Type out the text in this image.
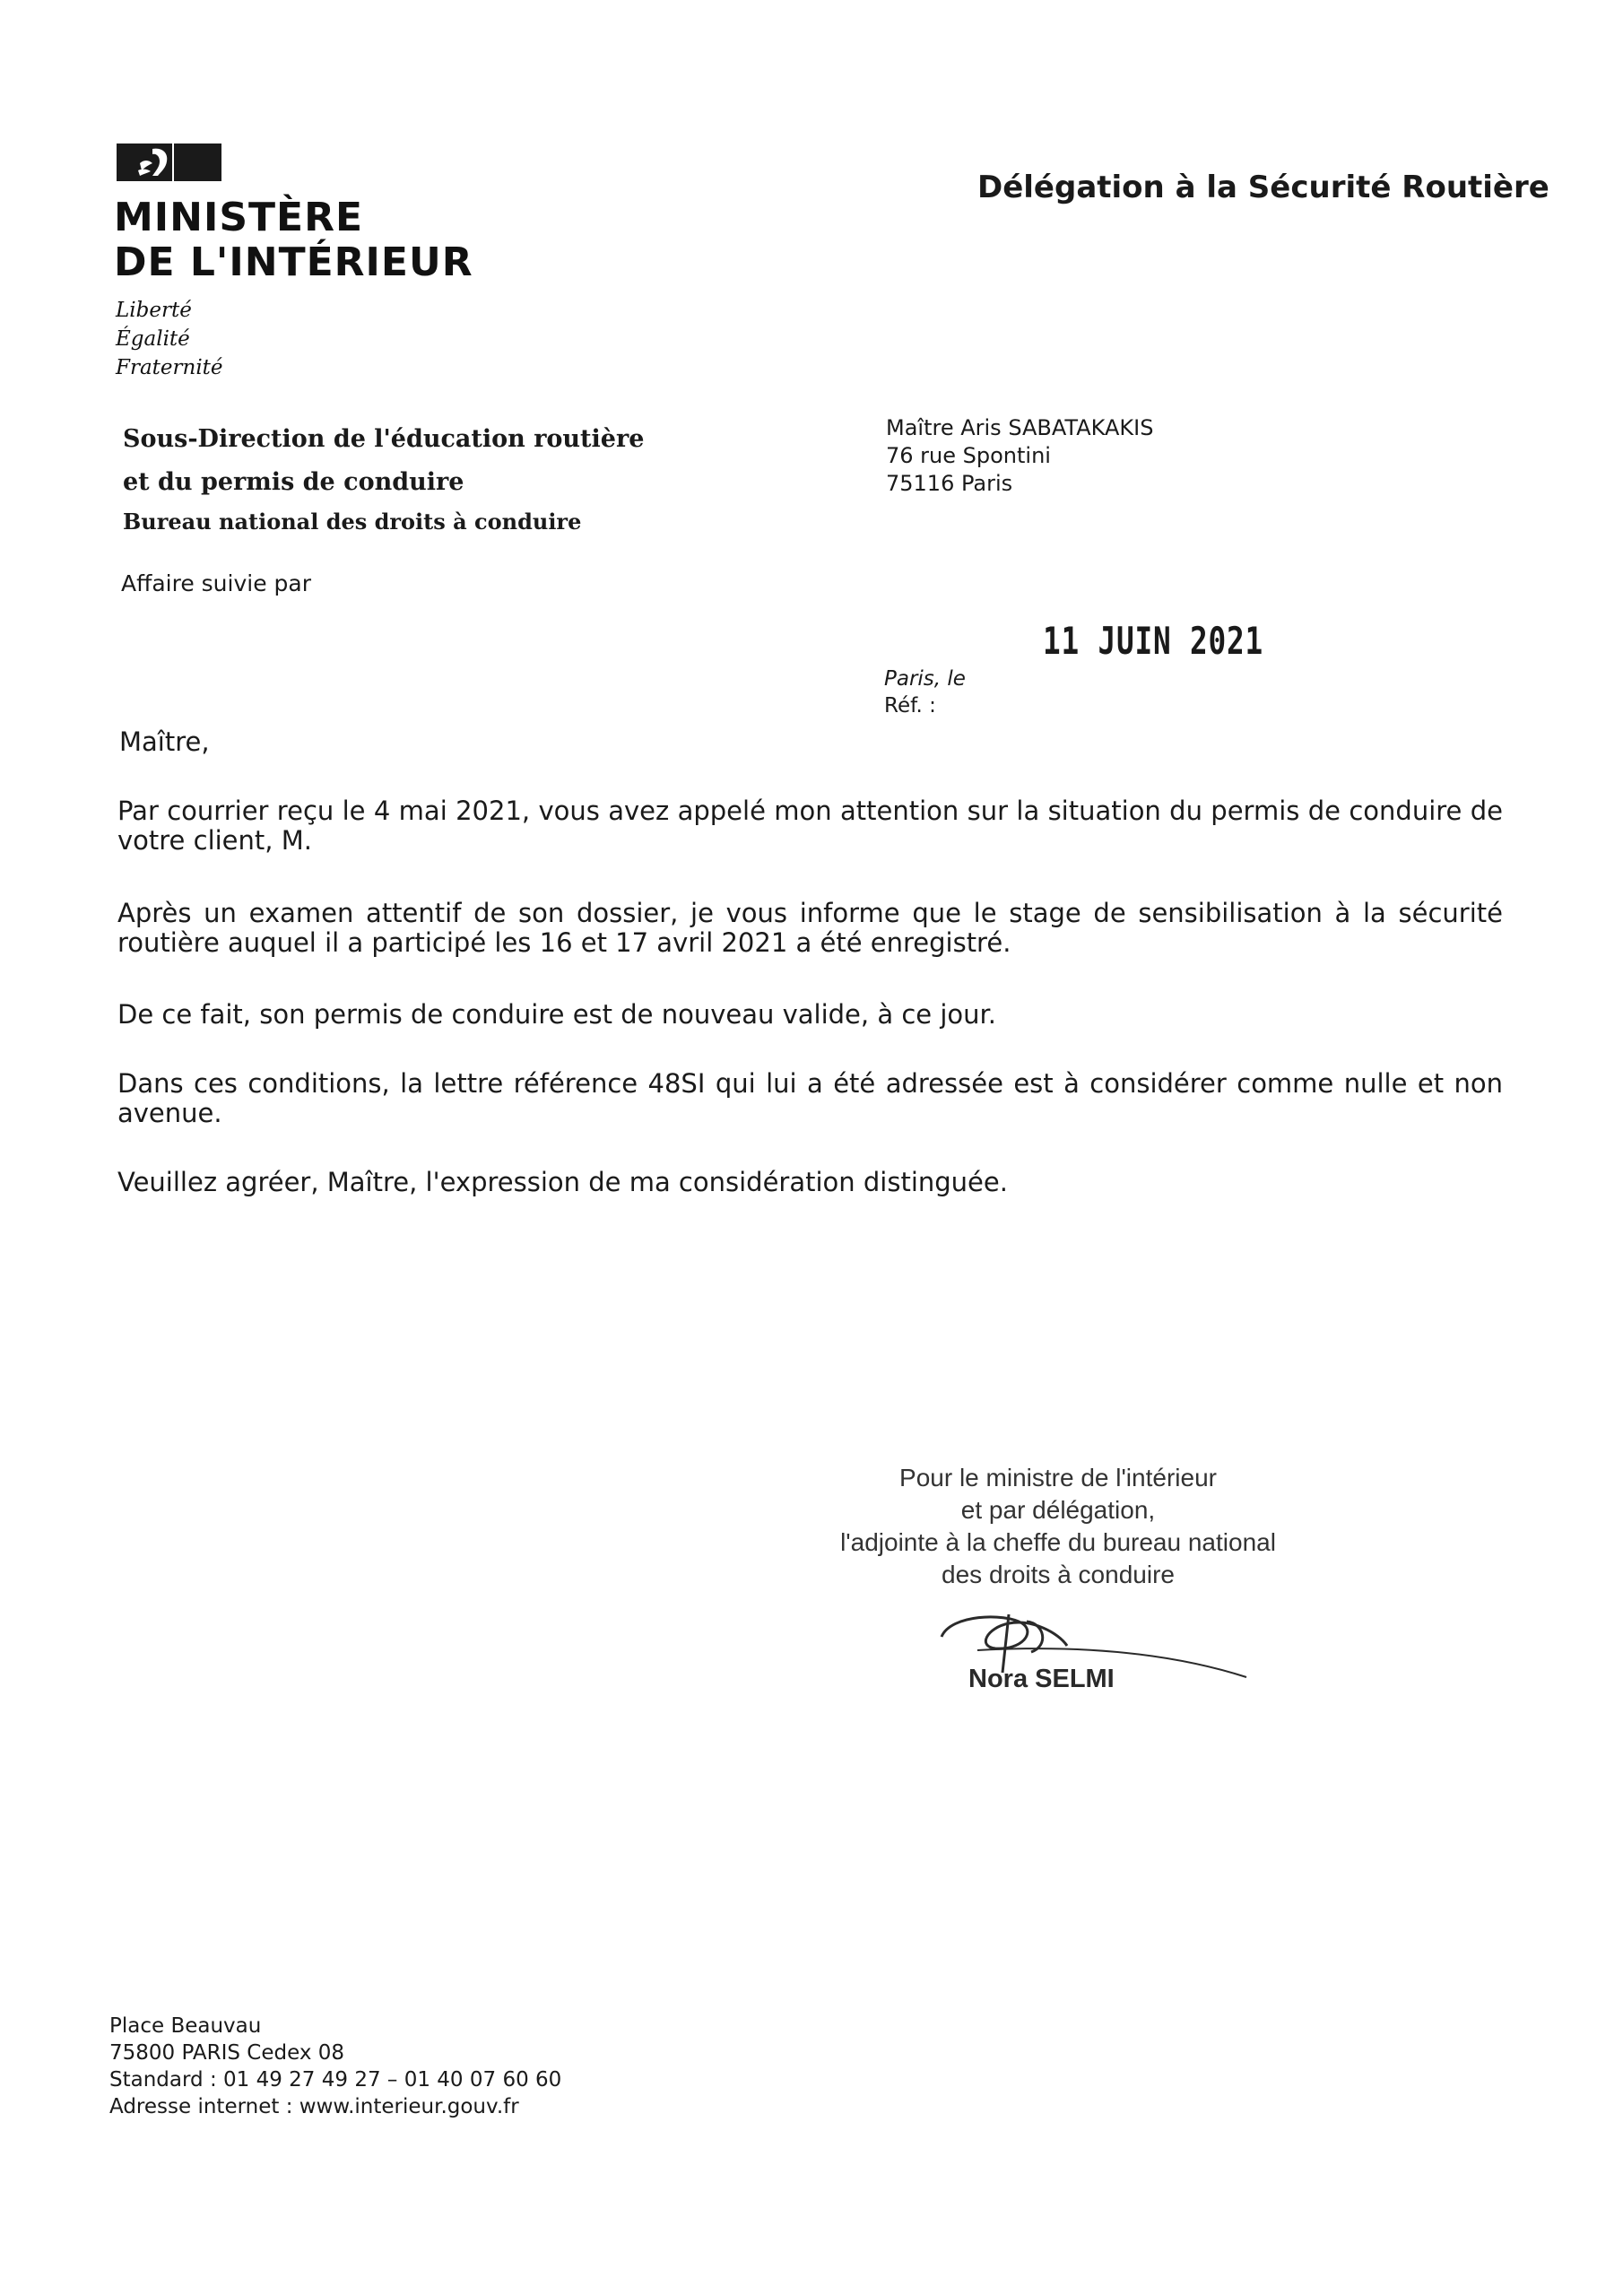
MINISTÈRE
DE L'INTÉRIEUR
Liberté
Égalité
Fraternité
Délégation à la Sécurité Routière
Sous-Direction de l'éducation routière
et du permis de conduire
Bureau national des droits à conduire
Affaire suivie par
Maître Aris SABATAKAKIS
76 rue Spontini
75116 Paris
11 JUIN 2021
Paris, le
Réf. :
Maître,
Par courrier reçu le 4 mai 2021, vous avez appelé mon attention sur la situation du permis de conduire de votre client, M.
Après un examen attentif de son dossier, je vous informe que le stage de sensibilisation à la sécurité routière auquel il a participé les 16 et 17 avril 2021 a été enregistré.
De ce fait, son permis de conduire est de nouveau valide, à ce jour.
Dans ces conditions, la lettre référence 48SI qui lui a été adressée est à considérer comme nulle et non avenue.
Veuillez agréer, Maître, l'expression de ma considération distinguée.
Pour le ministre de l'intérieur
et par délégation,
l'adjointe à la cheffe du bureau national
des droits à conduire
Nora SELMI
Place Beauvau
75800 PARIS Cedex 08
Standard : 01 49 27 49 27 – 01 40 07 60 60
Adresse internet : www.interieur.gouv.fr
